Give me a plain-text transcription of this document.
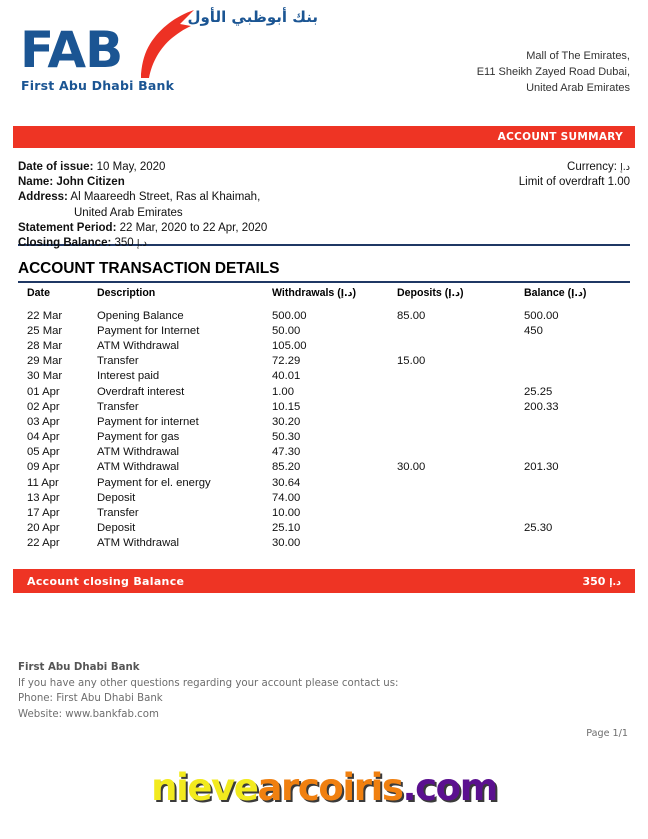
بنك أبوظبي الأول
FAB
First Abu Dhabi Bank
Mall of The Emirates,
E11 Sheikh Zayed Road Dubai,
United Arab Emirates
ACCOUNT SUMMARY
Date of issue: 10 May, 2020
Name: John Citizen
Address: Al Maareedh Street, Ras al Khaimah,
United Arab Emirates
Statement Period: 22 Mar, 2020 to 22 Apr, 2020
Closing Balance: 350 د.إ
Currency: د.إ
Limit of overdraft 1.00
ACCOUNT TRANSACTION DETAILS
Date	Description	Withdrawals (د.إ)	Deposits (د.إ)	Balance (د.إ)
22 Mar	Opening Balance	500.00	85.00	500.00
25 Mar	Payment for Internet	50.00		450
28 Mar	ATM Withdrawal	105.00		
29 Mar	Transfer	72.29	15.00	
30 Mar	Interest paid	40.01		
01 Apr	Overdraft interest	1.00		25.25
02 Apr	Transfer	10.15		200.33
03 Apr	Payment for internet	30.20		
04 Apr	Payment for gas	50.30		
05 Apr	ATM Withdrawal	47.30		
09 Apr	ATM Withdrawal	85.20	30.00	201.30
11 Apr	Payment for el. energy	30.64		
13 Apr	Deposit	74.00		
17 Apr	Transfer	10.00		
20 Apr	Deposit	25.10		25.30
22 Apr	ATM Withdrawal	30.00		
Account closing Balance	350 د.إ
First Abu Dhabi Bank
If you have any other questions regarding your account please contact us:
Phone: First Abu Dhabi Bank
Website: www.bankfab.com
Page 1/1
nievearcoiris.com
